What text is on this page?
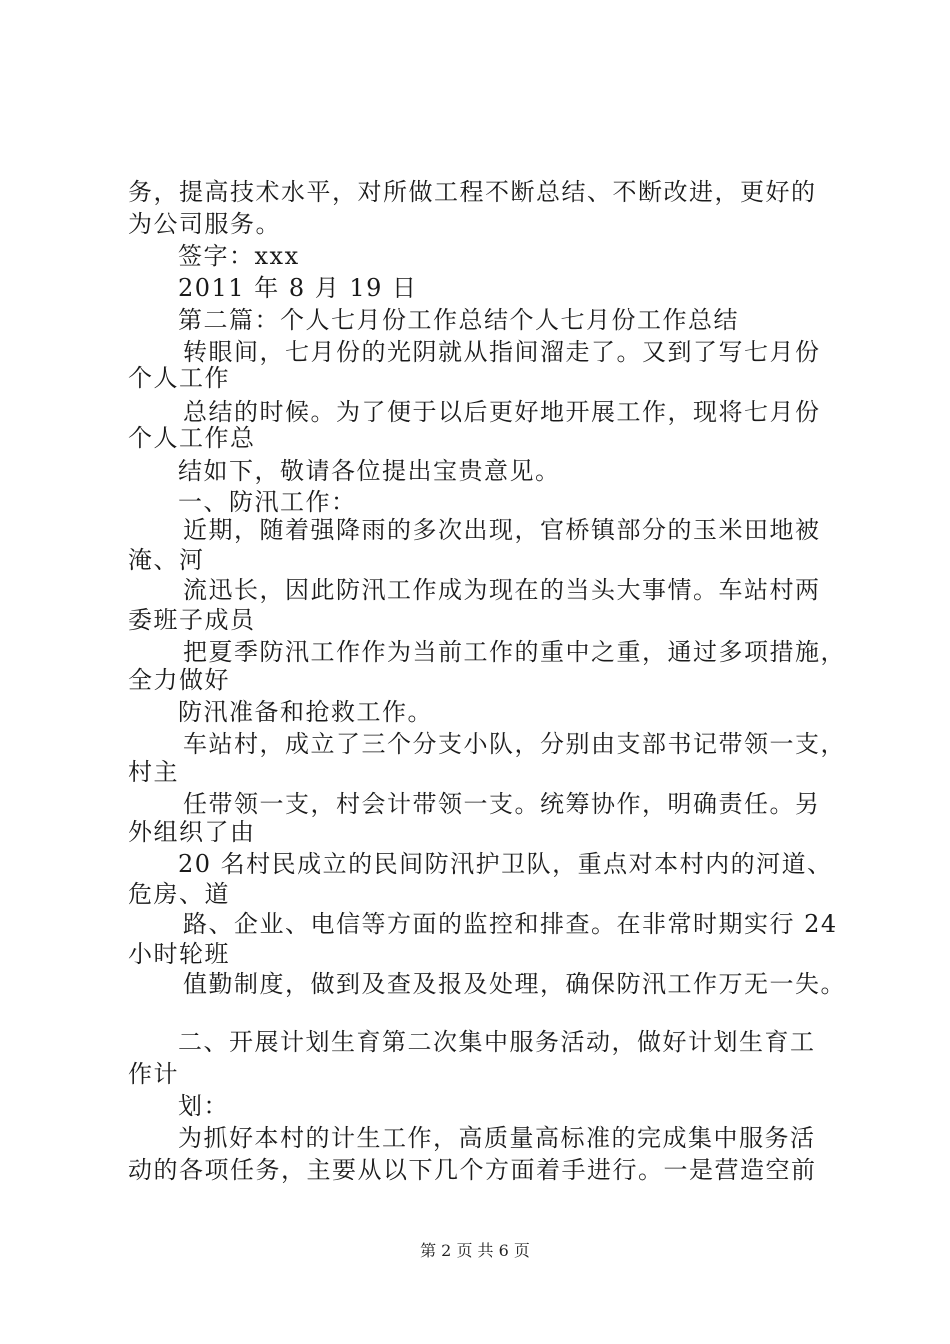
务，提高技术水平，对所做工程不断总结、不断改进，更好的
为公司服务。
签字：xxx
2011 年 8 月 19 日
第二篇：个人七月份工作总结个人七月份工作总结
转眼间，七月份的光阴就从指间溜走了。又到了写七月份
个人工作
总结的时候。为了便于以后更好地开展工作，现将七月份
个人工作总
结如下，敬请各位提出宝贵意见。
一、防汛工作：
近期，随着强降雨的多次出现，官桥镇部分的玉米田地被
淹、河
流迅长，因此防汛工作成为现在的当头大事情。车站村两
委班子成员
把夏季防汛工作作为当前工作的重中之重，通过多项措施，
全力做好
防汛准备和抢救工作。
车站村，成立了三个分支小队，分别由支部书记带领一支，
村主
任带领一支，村会计带领一支。统筹协作，明确责任。另
外组织了由
20 名村民成立的民间防汛护卫队，重点对本村内的河道、
危房、道
路、企业、电信等方面的监控和排查。在非常时期实行 24
小时轮班
值勤制度，做到及查及报及处理，确保防汛工作万无一失。
二、开展计划生育第二次集中服务活动，做好计划生育工
作计
划：
为抓好本村的计生工作，高质量高标准的完成集中服务活
动的各项任务，主要从以下几个方面着手进行。一是营造空前
第 2 页 共 6 页
